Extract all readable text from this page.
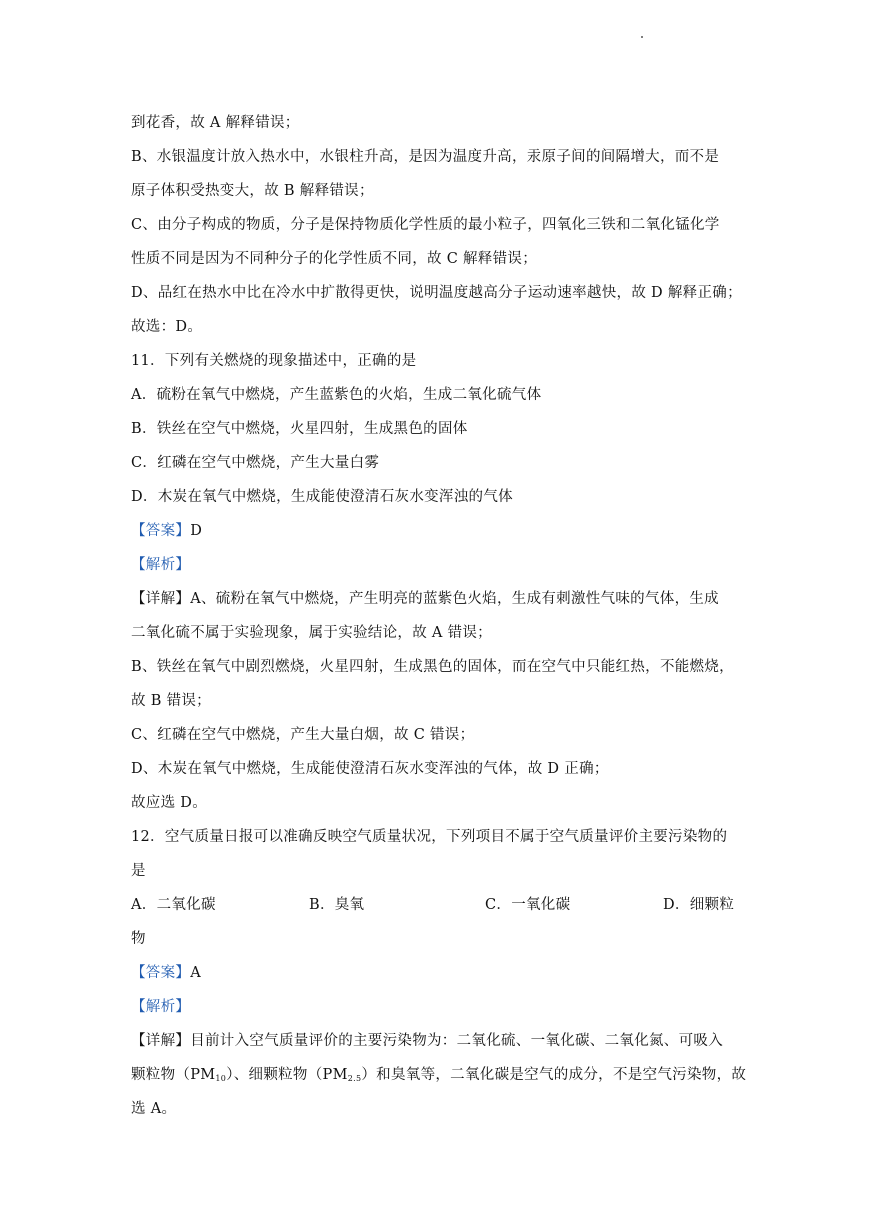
到花香，故 A 解释错误；
B、水银温度计放入热水中，水银柱升高，是因为温度升高，汞原子间的间隔增大，而不是
原子体积受热变大，故 B 解释错误；
C、由分子构成的物质，分子是保持物质化学性质的最小粒子，四氧化三铁和二氧化锰化学
性质不同是因为不同种分子的化学性质不同，故 C 解释错误；
D、品红在热水中比在冷水中扩散得更快，说明温度越高分子运动速率越快，故 D 解释正确；
故选：D。
11．下列有关燃烧的现象描述中，正确的是
A．硫粉在氧气中燃烧，产生蓝紫色的火焰，生成二氧化硫气体
B．铁丝在空气中燃烧，火星四射，生成黑色的固体
C．红磷在空气中燃烧，产生大量白雾
D．木炭在氧气中燃烧，生成能使澄清石灰水变浑浊的气体
【答案】D
【解析】
【详解】A、硫粉在氧气中燃烧，产生明亮的蓝紫色火焰，生成有刺激性气味的气体，生成
二氧化硫不属于实验现象，属于实验结论，故 A 错误；
B、铁丝在氧气中剧烈燃烧，火星四射，生成黑色的固体，而在空气中只能红热，不能燃烧，
故 B 错误；
C、红磷在空气中燃烧，产生大量白烟，故 C 错误；
D、木炭在氧气中燃烧，生成能使澄清石灰水变浑浊的气体，故 D 正确；
故应选 D。
12．空气质量日报可以准确反映空气质量状况，下列项目不属于空气质量评价主要污染物的
是
A．二氧化碳	B．臭氧	C．一氧化碳	D．细颗粒
物
【答案】A
【解析】
【详解】目前计入空气质量评价的主要污染物为：二氧化硫、一氧化碳、二氧化氮、可吸入
颗粒物$(PM_{10})$、细颗粒物$(PM_{2.5})$和臭氧等，二氧化碳是空气的成分，不是空气污染物，故
选 A。
